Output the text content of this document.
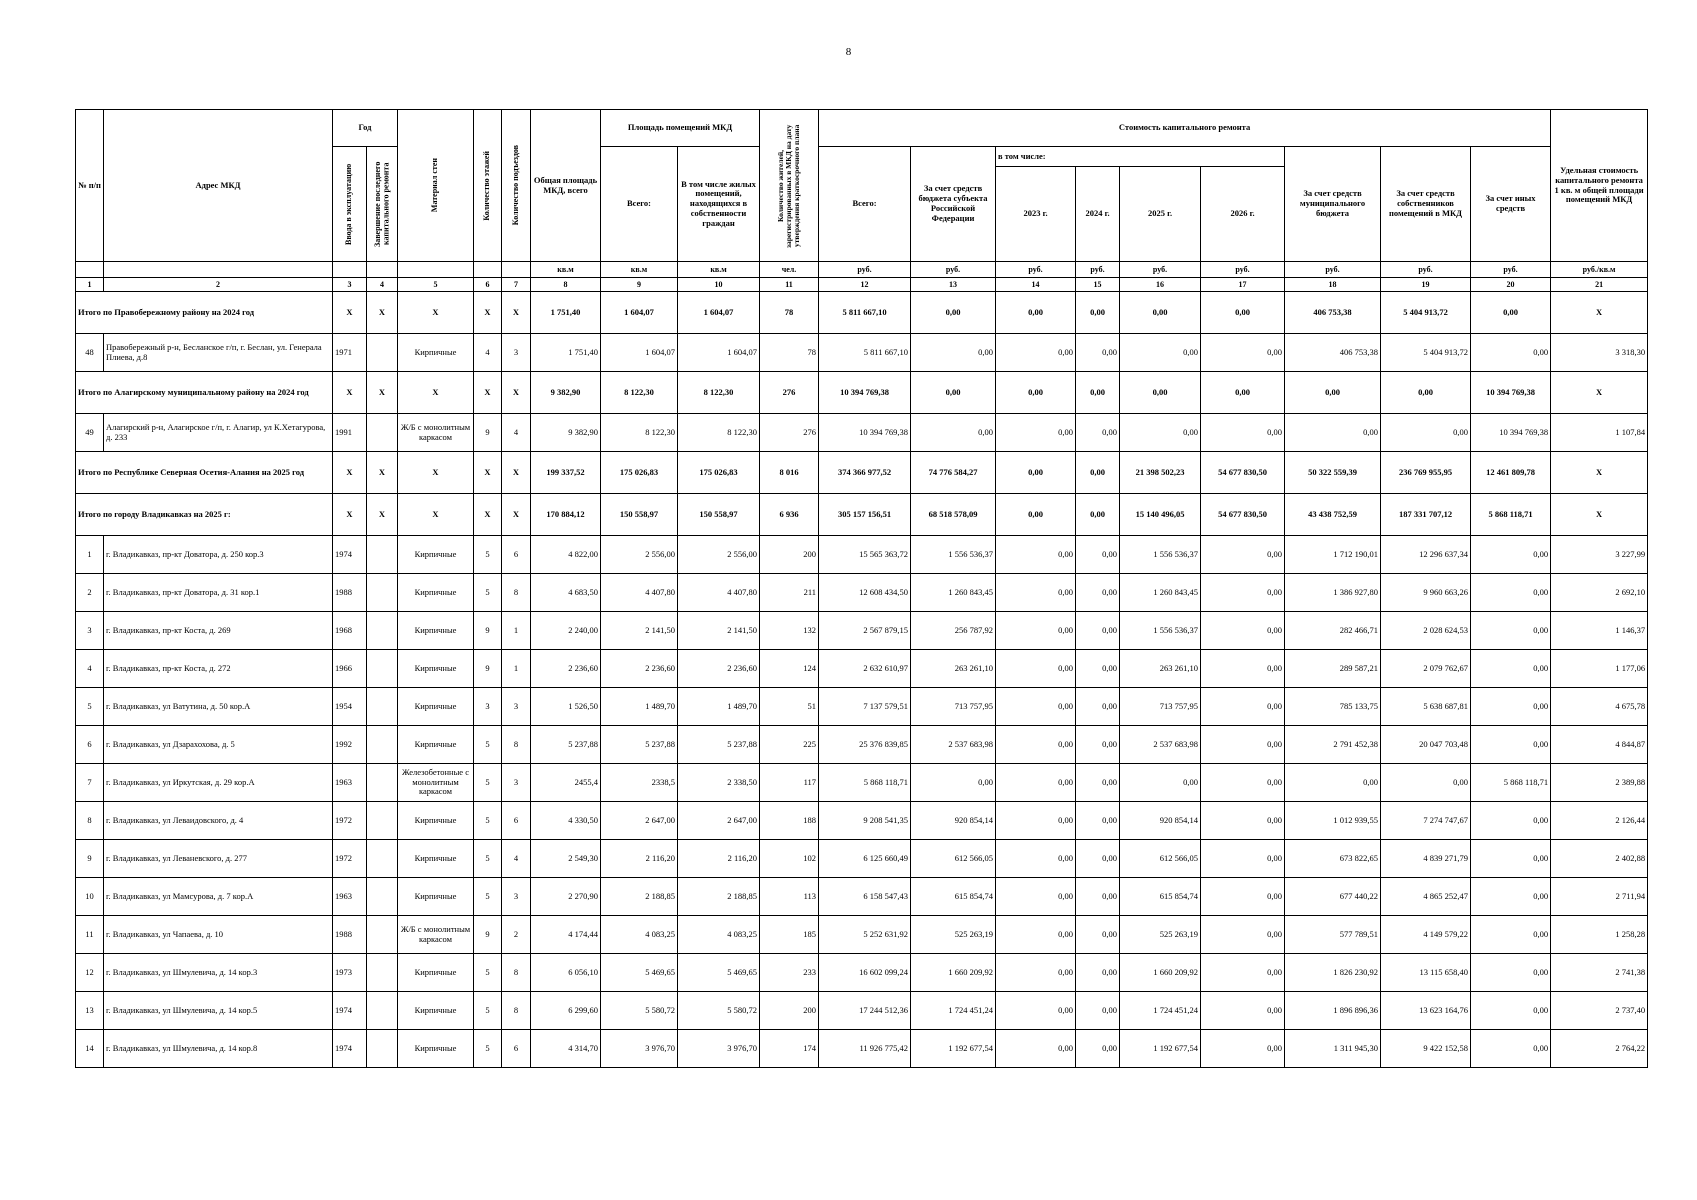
8
№ п/п	Адрес МКД	Год		Материал стен	Количество этажей	Количество подъездов	Общая площадь МКД, всего	Площадь помещений МКД		Количество жителей, зарегистрированных в МКД на дату утверждения краткосрочного плана	Стоимость капитального ремонта									Удельная стоимость капитального ремонта 1 кв. м общей площади помещений МКД

		Ввода в эксплуатацию	Завершение последнего капитального ремонта					Всего:	В том числе жилых помещений, находящихся в собственности граждан		Всего:	За счет средств бюджета субъекта Российской Федерации	в том числе:				За счет средств муниципального бюджета	За счет средств собственников помещений в МКД	За счет иных средств	
													2023 г.	2024 г.	2025 г.	2026 г.				
							кв.м	кв.м	кв.м	чел.	руб.	руб.	руб.	руб.	руб.	руб.	руб.	руб.	руб.	руб./кв.м
1	2	3	4	5	6	7	8	9	10	11	12	13	14	15	16	17	18	19	20	21
Итого по Правобережному району на 2024 год		Х	Х	Х	Х	Х	1 751,40	1 604,07	1 604,07	78	5 811 667,10	0,00	0,00	0,00	0,00	0,00	406 753,38	5 404 913,72	0,00	Х
48	Правобережный р-н, Бесланское г/п, г. Беслан, ул. Генерала Плиева, д.8	1971		Кирпичные	4	3	1 751,40	1 604,07	1 604,07	78	5 811 667,10	0,00	0,00	0,00	0,00	0,00	406 753,38	5 404 913,72	0,00	3 318,30
Итого по Алагирскому муниципальному району на 2024 год		Х	Х	Х	Х	Х	9 382,90	8 122,30	8 122,30	276	10 394 769,38	0,00	0,00	0,00	0,00	0,00	0,00	0,00	10 394 769,38	Х
49	Алагирский р-н, Алагирское г/п, г. Алагир, ул К.Хетагурова, д. 233	1991		Ж/Б с монолитным каркасом	9	4	9 382,90	8 122,30	8 122,30	276	10 394 769,38	0,00	0,00	0,00	0,00	0,00	0,00	0,00	10 394 769,38	1 107,84
Итого по Республике Северная Осетия-Алания на 2025 год		Х	Х	Х	Х	Х	199 337,52	175 026,83	175 026,83	8 016	374 366 977,52	74 776 584,27	0,00	0,00	21 398 502,23	54 677 830,50	50 322 559,39	236 769 955,95	12 461 809,78	Х
Итого по городу Владикавказ на 2025 г:		Х	Х	Х	Х	Х	170 884,12	150 558,97	150 558,97	6 936	305 157 156,51	68 518 578,09	0,00	0,00	15 140 496,05	54 677 830,50	43 438 752,59	187 331 707,12	5 868 118,71	Х
1	г. Владикавказ, пр-кт Доватора, д. 250 кор.3	1974		Кирпичные	5	6	4 822,00	2 556,00	2 556,00	200	15 565 363,72	1 556 536,37	0,00	0,00	1 556 536,37	0,00	1 712 190,01	12 296 637,34	0,00	3 227,99
2	г. Владикавказ, пр-кт Доватора, д. 31 кор.1	1988		Кирпичные	5	8	4 683,50	4 407,80	4 407,80	211	12 608 434,50	1 260 843,45	0,00	0,00	1 260 843,45	0,00	1 386 927,80	9 960 663,26	0,00	2 692,10
3	г. Владикавказ, пр-кт Коста, д. 269	1968		Кирпичные	9	1	2 240,00	2 141,50	2 141,50	132	2 567 879,15	256 787,92	0,00	0,00	1 556 536,37	0,00	282 466,71	2 028 624,53	0,00	1 146,37
4	г. Владикавказ, пр-кт Коста, д. 272	1966		Кирпичные	9	1	2 236,60	2 236,60	2 236,60	124	2 632 610,97	263 261,10	0,00	0,00	263 261,10	0,00	289 587,21	2 079 762,67	0,00	1 177,06
5	г. Владикавказ, ул Ватутина, д. 50 кор.А	1954		Кирпичные	3	3	1 526,50	1 489,70	1 489,70	51	7 137 579,51	713 757,95	0,00	0,00	713 757,95	0,00	785 133,75	5 638 687,81	0,00	4 675,78
6	г. Владикавказ, ул Дзарахохова, д. 5	1992		Кирпичные	5	8	5 237,88	5 237,88	5 237,88	225	25 376 839,85	2 537 683,98	0,00	0,00	2 537 683,98	0,00	2 791 452,38	20 047 703,48	0,00	4 844,87
7	г. Владикавказ, ул Иркутская, д. 29 кор.А	1963		Железобетонные с монолитным каркасом	5	3	2455,4	2338,5	2 338,50	117	5 868 118,71	0,00	0,00	0,00	0,00	0,00	0,00	0,00	5 868 118,71	2 389,88
8	г. Владикавказ, ул Леваидовского, д. 4	1972		Кирпичные	5	6	4 330,50	2 647,00	2 647,00	188	9 208 541,35	920 854,14	0,00	0,00	920 854,14	0,00	1 012 939,55	7 274 747,67	0,00	2 126,44
9	г. Владикавказ, ул Леваневского, д. 277	1972		Кирпичные	5	4	2 549,30	2 116,20	2 116,20	102	6 125 660,49	612 566,05	0,00	0,00	612 566,05	0,00	673 822,65	4 839 271,79	0,00	2 402,88
10	г. Владикавказ, ул Мамсурова, д. 7 кор.А	1963		Кирпичные	5	3	2 270,90	2 188,85	2 188,85	113	6 158 547,43	615 854,74	0,00	0,00	615 854,74	0,00	677 440,22	4 865 252,47	0,00	2 711,94
11	г. Владикавказ, ул Чапаева, д. 10	1988		Ж/Б с монолитным каркасом	9	2	4 174,44	4 083,25	4 083,25	185	5 252 631,92	525 263,19	0,00	0,00	525 263,19	0,00	577 789,51	4 149 579,22	0,00	1 258,28
12	г. Владикавказ, ул Шмулевича, д. 14 кор.3	1973		Кирпичные	5	8	6 056,10	5 469,65	5 469,65	233	16 602 099,24	1 660 209,92	0,00	0,00	1 660 209,92	0,00	1 826 230,92	13 115 658,40	0,00	2 741,38
13	г. Владикавказ, ул Шмулевича, д. 14 кор.5	1974		Кирпичные	5	8	6 299,60	5 580,72	5 580,72	200	17 244 512,36	1 724 451,24	0,00	0,00	1 724 451,24	0,00	1 896 896,36	13 623 164,76	0,00	2 737,40
14	г. Владикавказ, ул Шмулевича, д. 14 кор.8	1974		Кирпичные	5	6	4 314,70	3 976,70	3 976,70	174	11 926 775,42	1 192 677,54	0,00	0,00	1 192 677,54	0,00	1 311 945,30	9 422 152,58	0,00	2 764,22
